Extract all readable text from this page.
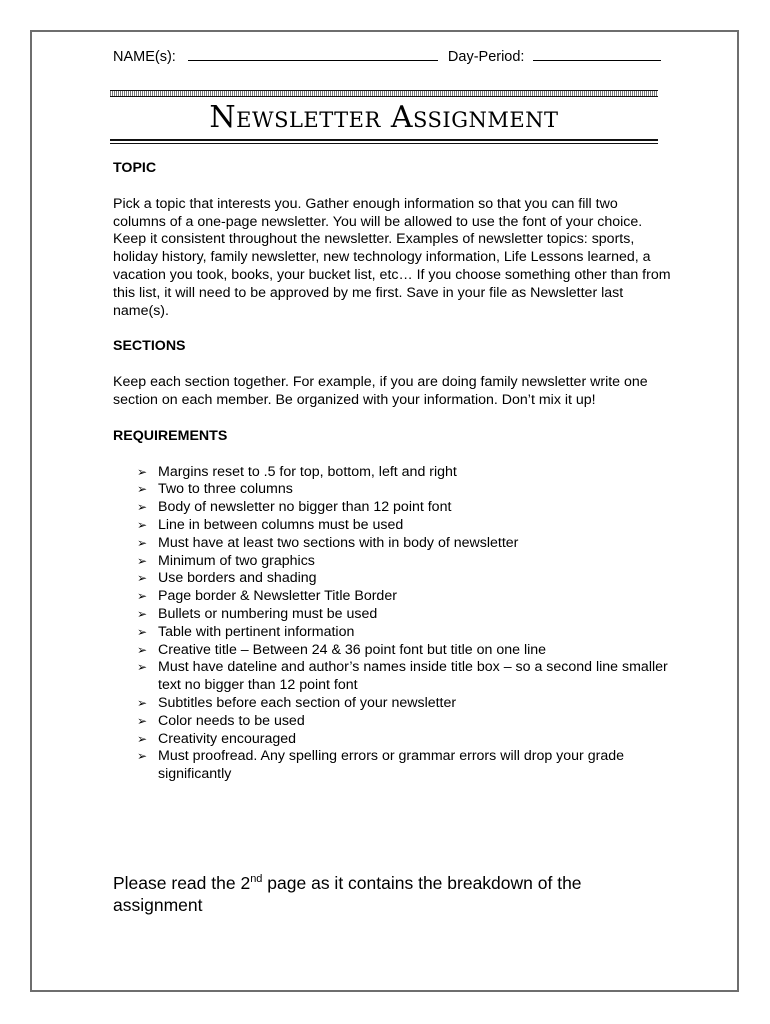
NAME(s):	Day-Period:
Newsletter Assignment

TOPIC

Pick a topic that interests you. Gather enough information so that you can fill two columns of a one-page newsletter. You will be allowed to use the font of your choice. Keep it consistent throughout the newsletter. Examples of newsletter topics: sports, holiday history, family newsletter, new technology information, Life Lessons learned, a vacation you took, books, your bucket list, etc… If you choose something other than from this list, it will need to be approved by me first. Save in your file as Newsletter last name(s).

SECTIONS

Keep each section together. For example, if you are doing family newsletter write one section on each member. Be organized with your information. Don’t mix it up!

REQUIREMENTS

➢ Margins reset to .5 for top, bottom, left and right
➢ Two to three columns
➢ Body of newsletter no bigger than 12 point font
➢ Line in between columns must be used
➢ Must have at least two sections with in body of newsletter
➢ Minimum of two graphics
➢ Use borders and shading
➢ Page border & Newsletter Title Border
➢ Bullets or numbering must be used
➢ Table with pertinent information
➢ Creative title – Between 24 & 36 point font but title on one line
➢ Must have dateline and author’s names inside title box – so a second line smaller text no bigger than 12 point font
➢ Subtitles before each section of your newsletter
➢ Color needs to be used
➢ Creativity encouraged
➢ Must proofread. Any spelling errors or grammar errors will drop your grade significantly
Please read the 2nd page as it contains the breakdown of the assignment
